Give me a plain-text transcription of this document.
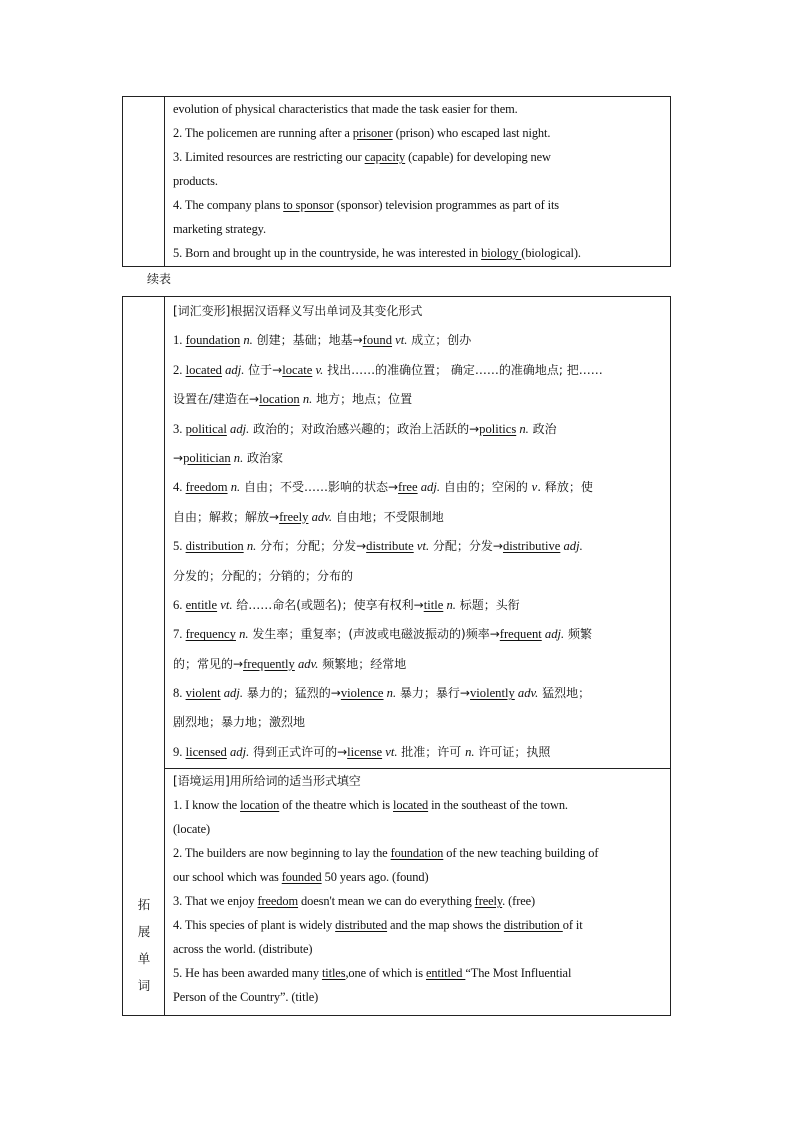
evolution of physical characteristics that made the task easier for them.
2. The policemen are running after a prisoner (prison) who escaped last night.
3. Limited resources are restricting our capacity (capable) for developing new
products.
4. The company plans to sponsor (sponsor) television programmes as part of its
marketing strategy.
5. Born and brought up in the countryside, he was interested in biology (biological).
续表
拓
展
单
词
[词汇变形]根据汉语释义写出单词及其变化形式
1. foundation n. 创建；基础；地基→found vt. 成立；创办
2. located adj. 位于→locate v. 找出……的准确位置； 确定……的准确地点; 把……
设置在/建造在→location n. 地方；地点；位置
3. political adj. 政治的；对政治感兴趣的；政治上活跃的→politics n. 政治
→politician n. 政治家
4. freedom n. 自由；不受……影响的状态→free adj. 自由的；空闲的 v. 释放；使
自由；解救；解放→freely adv. 自由地；不受限制地
5. distribution n. 分布；分配；分发→distribute vt. 分配；分发→distributive adj.
分发的；分配的；分销的；分布的
6. entitle vt. 给……命名(或题名)；使享有权利→title n. 标题；头衔
7. frequency n. 发生率；重复率；(声波或电磁波振动的)频率→frequent adj. 频繁
的；常见的→frequently adv. 频繁地；经常地
8. violent adj. 暴力的；猛烈的→violence n. 暴力；暴行→violently adv. 猛烈地；
剧烈地；暴力地；激烈地
9. licensed adj. 得到正式许可的→license vt. 批准；许可 n. 许可证；执照
[语境运用]用所给词的适当形式填空
1. I know the location of the theatre which is located in the southeast of the town.
(locate)
2. The builders are now beginning to lay the foundation of the new teaching building of
our school which was founded 50 years ago. (found)
3. That we enjoy freedom doesn't mean we can do everything freely. (free)
4. This species of plant is widely distributed and the map shows the distribution of it
across the world. (distribute)
5. He has been awarded many titles,one of which is entitled “The Most Influential
Person of the Country”. (title)
